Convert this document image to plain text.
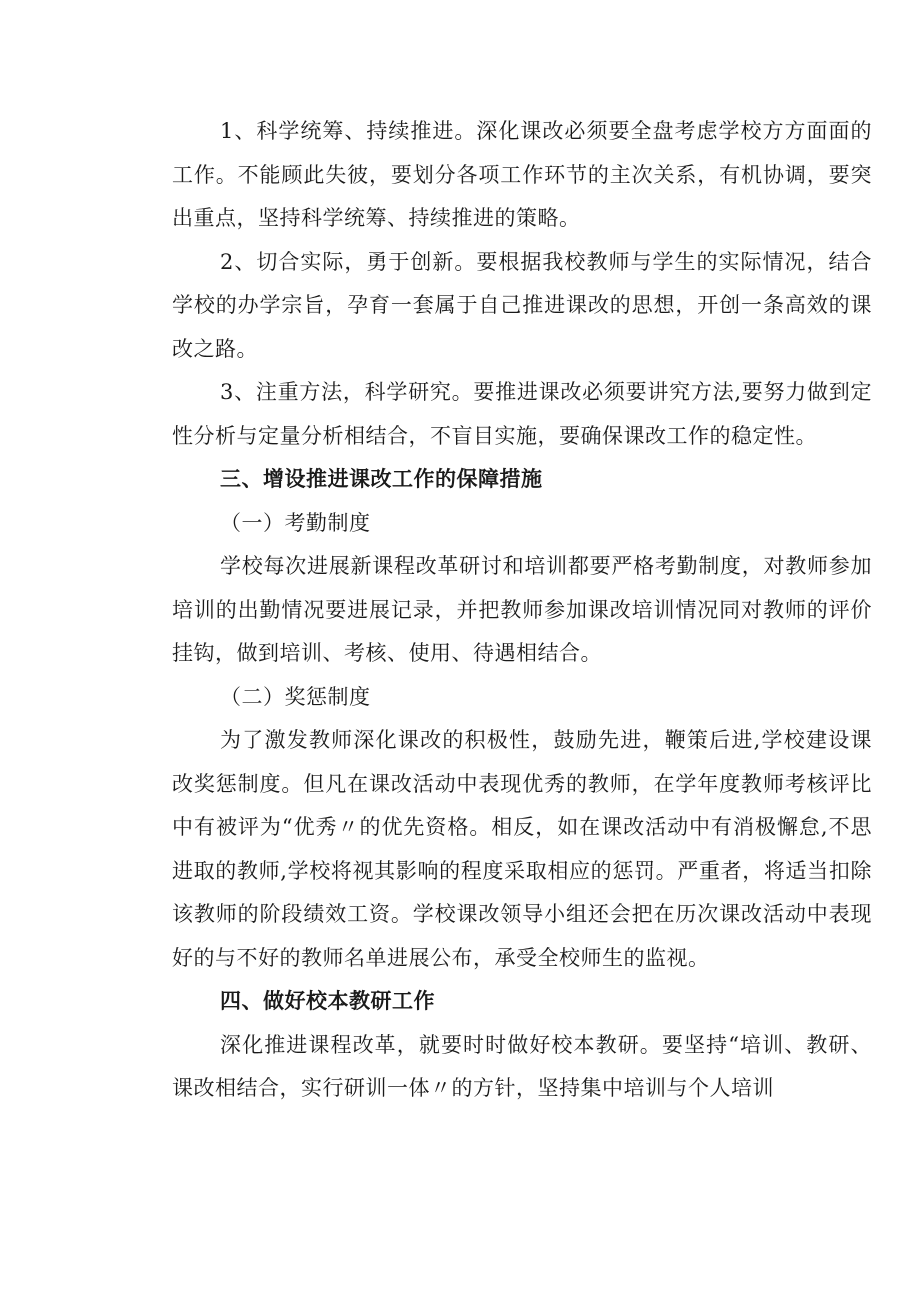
1、科学统筹、持续推进。深化课改必须要全盘考虑学校方方面面的工作。不能顾此失彼，要划分各项工作环节的主次关系，有机协调，要突出重点，坚持科学统筹、持续推进的策略。

2、切合实际，勇于创新。要根据我校教师与学生的实际情况，结合学校的办学宗旨，孕育一套属于自己推进课改的思想，开创一条高效的课改之路。

3、注重方法，科学研究。要推进课改必须要讲究方法,要努力做到定性分析与定量分析相结合，不盲目实施，要确保课改工作的稳定性。

三、增设推进课改工作的保障措施

（一）考勤制度

学校每次进展新课程改革研讨和培训都要严格考勤制度，对教师参加培训的出勤情况要进展记录，并把教师参加课改培训情况同对教师的评价挂钩，做到培训、考核、使用、待遇相结合。

（二）奖惩制度

为了激发教师深化课改的积极性，鼓励先进，鞭策后进,学校建设课改奖惩制度。但凡在课改活动中表现优秀的教师，在学年度教师考核评比中有被评为“优秀〃的优先资格。相反，如在课改活动中有消极懈怠,不思进取的教师,学校将视其影响的程度采取相应的惩罚。严重者，将适当扣除该教师的阶段绩效工资。学校课改领导小组还会把在历次课改活动中表现好的与不好的教师名单进展公布，承受全校师生的监视。

四、做好校本教研工作

深化推进课程改革，就要时时做好校本教研。要坚持“培训、教研、课改相结合，实行研训一体〃的方针，坚持集中培训与个人培训
